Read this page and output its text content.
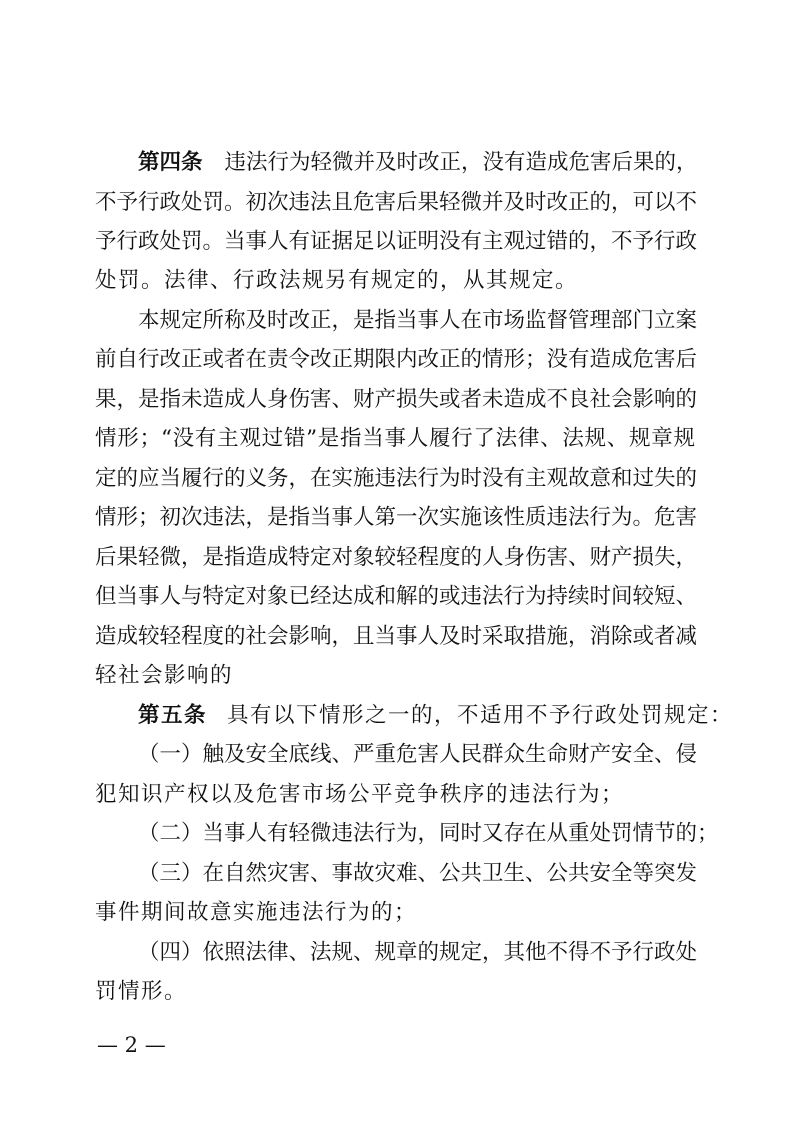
第四条 违法行为轻微并及时改正，没有造成危害后果的，
不予行政处罚。初次违法且危害后果轻微并及时改正的，可以不
予行政处罚。当事人有证据足以证明没有主观过错的，不予行政
处罚。法律、行政法规另有规定的，从其规定。
本规定所称及时改正，是指当事人在市场监督管理部门立案
前自行改正或者在责令改正期限内改正的情形；没有造成危害后
果，是指未造成人身伤害、财产损失或者未造成不良社会影响的
情形；“没有主观过错”是指当事人履行了法律、法规、规章规
定的应当履行的义务，在实施违法行为时没有主观故意和过失的
情形；初次违法，是指当事人第一次实施该性质违法行为。危害
后果轻微，是指造成特定对象较轻程度的人身伤害、财产损失，
但当事人与特定对象已经达成和解的或违法行为持续时间较短、
造成较轻程度的社会影响，且当事人及时采取措施，消除或者减
轻社会影响的
第五条 具有以下情形之一的，不适用不予行政处罚规定：
（一）触及安全底线、严重危害人民群众生命财产安全、侵
犯知识产权以及危害市场公平竞争秩序的违法行为；
（二）当事人有轻微违法行为，同时又存在从重处罚情节的；
（三）在自然灾害、事故灾难、公共卫生、公共安全等突发
事件期间故意实施违法行为的；
（四）依照法律、法规、规章的规定，其他不得不予行政处
罚情形。
— 2 —
